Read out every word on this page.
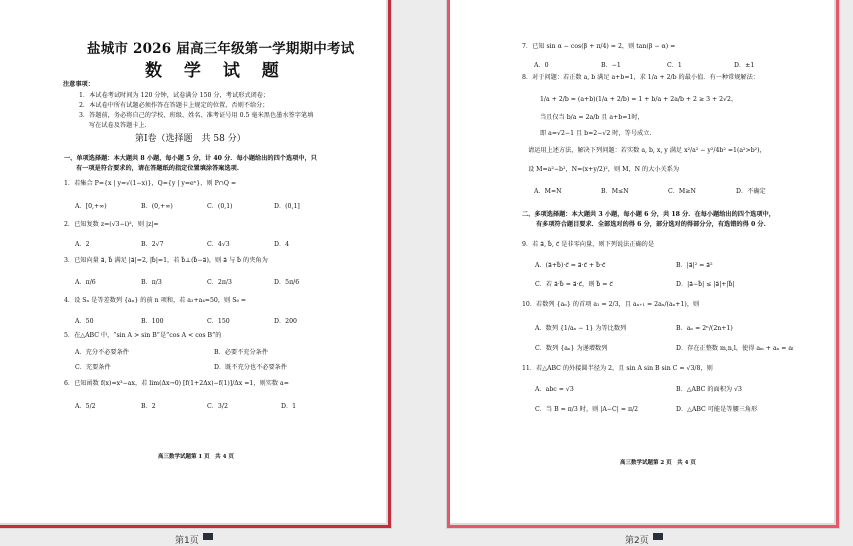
盐城市 2026 届高三年级第一学期期中考试
数 学 试 题
注意事项：
1．本试卷考试时间为 120 分钟，试卷满分 150 分，考试形式闭卷；
2．本试卷中所有试题必须作答在答题卡上规定的位置，否则不给分；
3．答题前，务必将自己的学校、班级、姓名、准考证号用 0.5 毫米黑色墨水签字笔填
写在试卷及答题卡上.
第Ⅰ卷（选择题　共 58 分）
一、单项选择题：本大题共 8 小题，每小题 5 分，计 40 分．每小题给出的四个选项中，只
有一项是符合要求的，请在答题纸的指定位置填涂答案选项.
1．若集合 P={x | y=√(1−x)}，Q={y | y=eˣ}，则 P∩Q =
A．[0,+∞)	B．(0,+∞)	C．(0,1)	D．(0,1]
2．已知复数 z=(√3−i)²，则 |z|=
A．2	B．2√7	C．4√3	D．4
3．已知向量 a⃗, b⃗ 满足 |a⃗|=2, |b⃗|=1，若 b⃗⊥(b⃗−a⃗)，则 a⃗ 与 b⃗ 的夹角为
A．π/6	B．π/3	C．2π/3	D．5π/6
4．设 Sₙ 是等差数列 {aₙ} 的前 n 项和，若 a₃+a₄=50，则 S₆ =
A．50	B．100	C．150	D．200
5．在△ABC 中，“sin A > sin B”是“cos A < cos B”的
A．充分不必要条件	B．必要不充分条件
C．充要条件	D．既不充分也不必要条件
6．已知函数 f(x)=x³−ax，若 lim(Δx→0) [f(1+2Δx)−f(1)]/Δx =1，则实数 a=
A．5/2	B．2	C．3/2	D．1
高三数学试题第 1 页　共 4 页
7．已知 sin α − cos(β + π/4) = 2，则 tan(β − α) =
A．0	B．−1	C．1	D．±1
8．对于问题：若正数 a, b 满足 a+b=1，求 1/a + 2/b 的最小值．有一种常规解法：
1/a + 2/b = (a+b)(1/a + 2/b) = 1 + b/a + 2a/b + 2 ≥ 3 + 2√2，
当且仅当 b/a = 2a/b 且 a+b=1时，
即 a=√2−1 且 b=2−√2 时，等号成立.
请运用上述方法，解决下列问题：若实数 a, b, x, y 满足 x²/a² − y²/4b² =1(a²>b²)，
设 M=a²−b²，N=(x+y/2)²，则 M，N 的大小关系为
A．M=N	B．M≤N	C．M≥N	D．不确定
二、多项选择题：本大题共 3 小题，每小题 6 分，共 18 分．在每小题给出的四个选项中，
有多项符合题目要求．全部选对的得 6 分，部分选对的得部分分，有选错的得 0 分.
9．若 a⃗, b⃗, c⃗ 是非零向量，则下列说法正确的是
A．(a⃗+b⃗)·c⃗ = a⃗·c⃗ + b⃗·c⃗	B．|a⃗|² = a⃗²
C．若 a⃗·b⃗ = a⃗·c⃗，则 b⃗ = c⃗	D．|a⃗−b⃗| ≤ |a⃗|+|b⃗|
10．若数列 {aₙ} 的首项 a₁ = 2/3，且 aₙ₊₁ = 2aₙ/(aₙ+1)，则
A．数列 {1/aₙ − 1} 为等比数列	B．aₙ = 2ⁿ/(2n+1)
C．数列 {aₙ} 为递增数列	D．存在正整数 m,n,l，使得 aₘ + aₙ = aₗ
11．若△ABC 的外接圆半径为 2，且 sin A sin B sin C = √3/8，则
A．abc = √3	B．△ABC 的面积为 √3
C．当 B = π/3 时，则 |A−C| = π/2	D．△ABC 可能是等腰三角形
高三数学试题第 2 页　共 4 页
第1页	第2页
